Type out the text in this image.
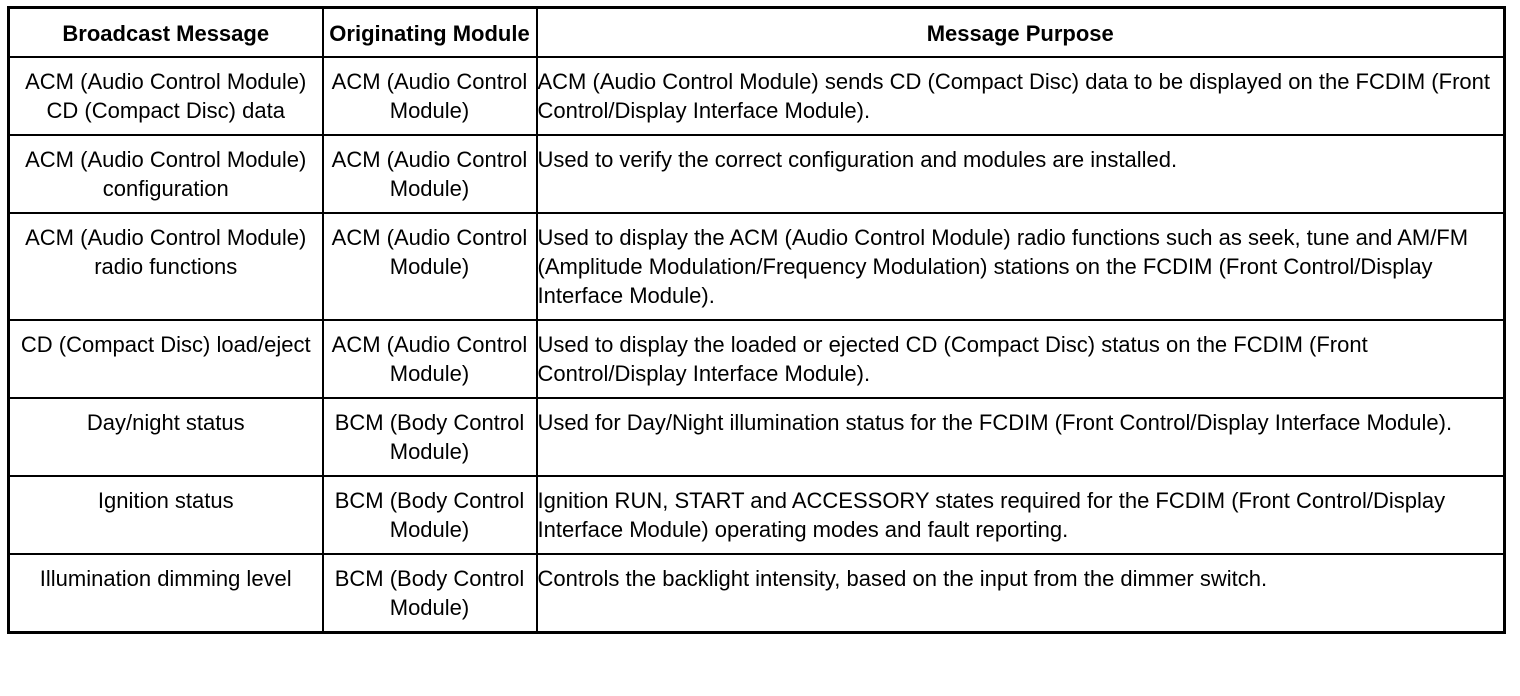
Broadcast Message	Originating Module	Message Purpose
ACM (Audio Control Module) CD (Compact Disc) data	ACM (Audio Control Module)	ACM (Audio Control Module) sends CD (Compact Disc) data to be displayed on the FCDIM (Front Control/Display Interface Module).
ACM (Audio Control Module) configuration	ACM (Audio Control Module)	Used to verify the correct configuration and modules are installed.
ACM (Audio Control Module) radio functions	ACM (Audio Control Module)	Used to display the ACM (Audio Control Module) radio functions such as seek, tune and AM/FM (Amplitude Modulation/Frequency Modulation) stations on the FCDIM (Front Control/Display Interface Module).
CD (Compact Disc) load/eject	ACM (Audio Control Module)	Used to display the loaded or ejected CD (Compact Disc) status on the FCDIM (Front Control/Display Interface Module).
Day/night status	BCM (Body Control Module)	Used for Day/Night illumination status for the FCDIM (Front Control/Display Interface Module).
Ignition status	BCM (Body Control Module)	Ignition RUN, START and ACCESSORY states required for the FCDIM (Front Control/Display Interface Module) operating modes and fault reporting.
Illumination dimming level	BCM (Body Control Module)	Controls the backlight intensity, based on the input from the dimmer switch.
